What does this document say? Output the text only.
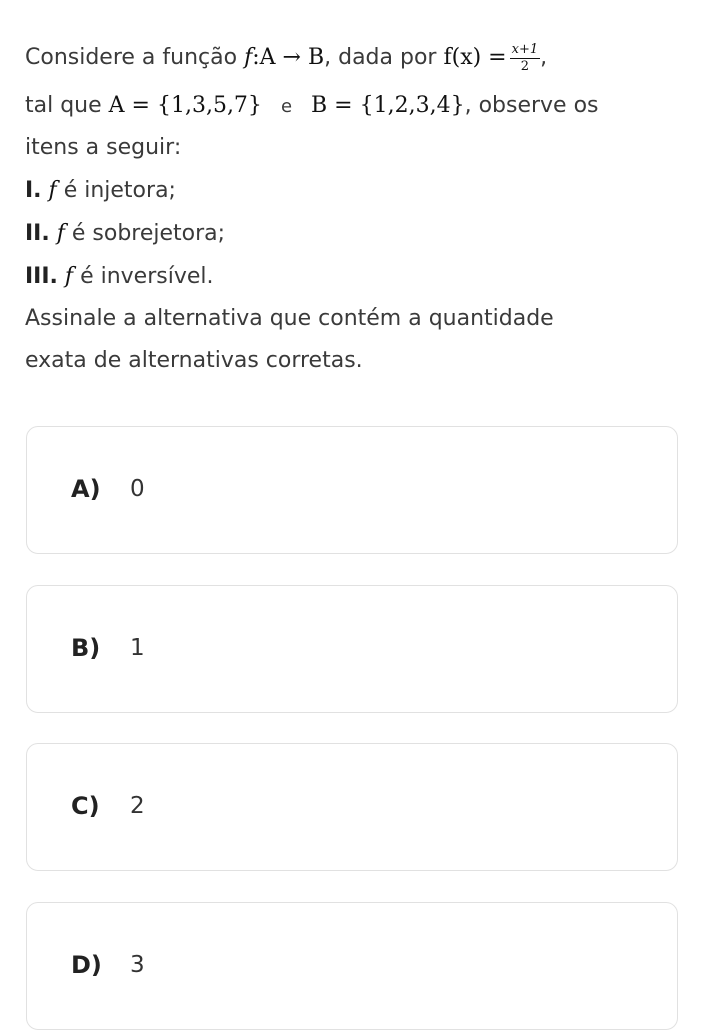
Considere a função f:A → B, dada por $f(x) = \frac{x+1}{2}$ ,
tal que A = {1,3,5,7} e B = {1,2,3,4}, observe os
itens a seguir:
I. f é injetora;
II. f é sobrejetora;
III. f é inversível.
Assinale a alternativa que contém a quantidade
exata de alternativas corretas.
A) 0
B) 1
C) 2
D) 3
